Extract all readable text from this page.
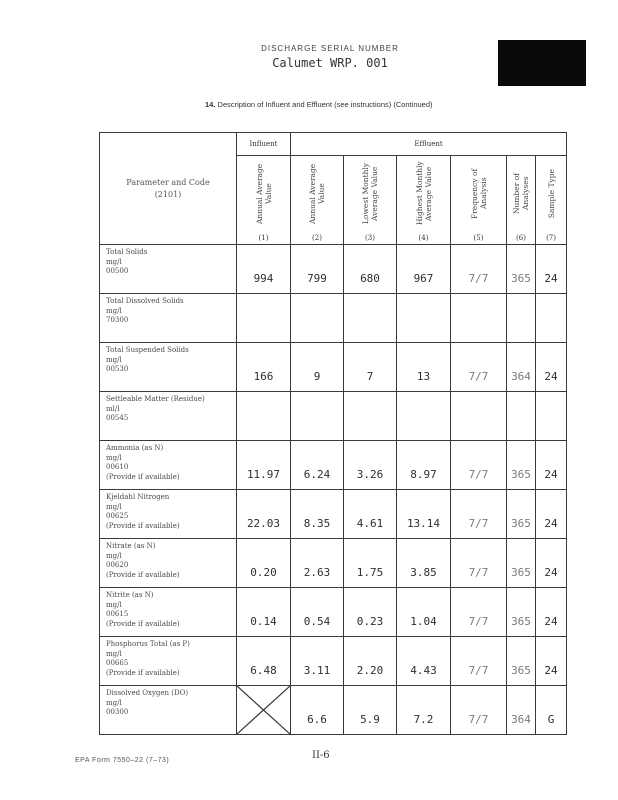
DISCHARGE SERIAL NUMBER
Calumet WRP. 001
14. Description of Influent and Effluent (see instructions) (Continued)
Parameter and Code
(2101)	Influent	Effluent					

	Annual Average Value	Annual Average Value	Lowest Monthly Average Value	Highest Monthly Average Value	Frequency of Analysis	Number of Analyses	Sample Type

	(1)	(2)	(3)	(4)	(5)	(6)	(7)

Total Solids
mg/l
00500	994	799	680	967	7/7	365	24

Total Dissolved Solids
mg/l
70300							

Total Suspended Solids
mg/l
00530	166	9	7	13	7/7	364	24

Settleable Matter (Residue)
ml/l
00545							

Ammonia (as N)
mg/l
00610
(Provide if available)	11.97	6.24	3.26	8.97	7/7	365	24

Kjeldahl Nitrogen
mg/l
00625
(Provide if available)	22.03	8.35	4.61	13.14	7/7	365	24

Nitrate (as N)
mg/l
00620
(Provide if available)	0.20	2.63	1.75	3.85	7/7	365	24

Nitrite (as N)
mg/l
00615
(Provide if available)	0.14	0.54	0.23	1.04	7/7	365	24

Phosphorus Total (as P)
mg/l
00665
(Provide if available)	6.48	3.11	2.20	4.43	7/7	365	24

Dissolved Oxygen (DO)
mg/l
00300		6.6	5.9	7.2	7/7	364	G
EPA Form 7550–22 (7–73)	II-6
